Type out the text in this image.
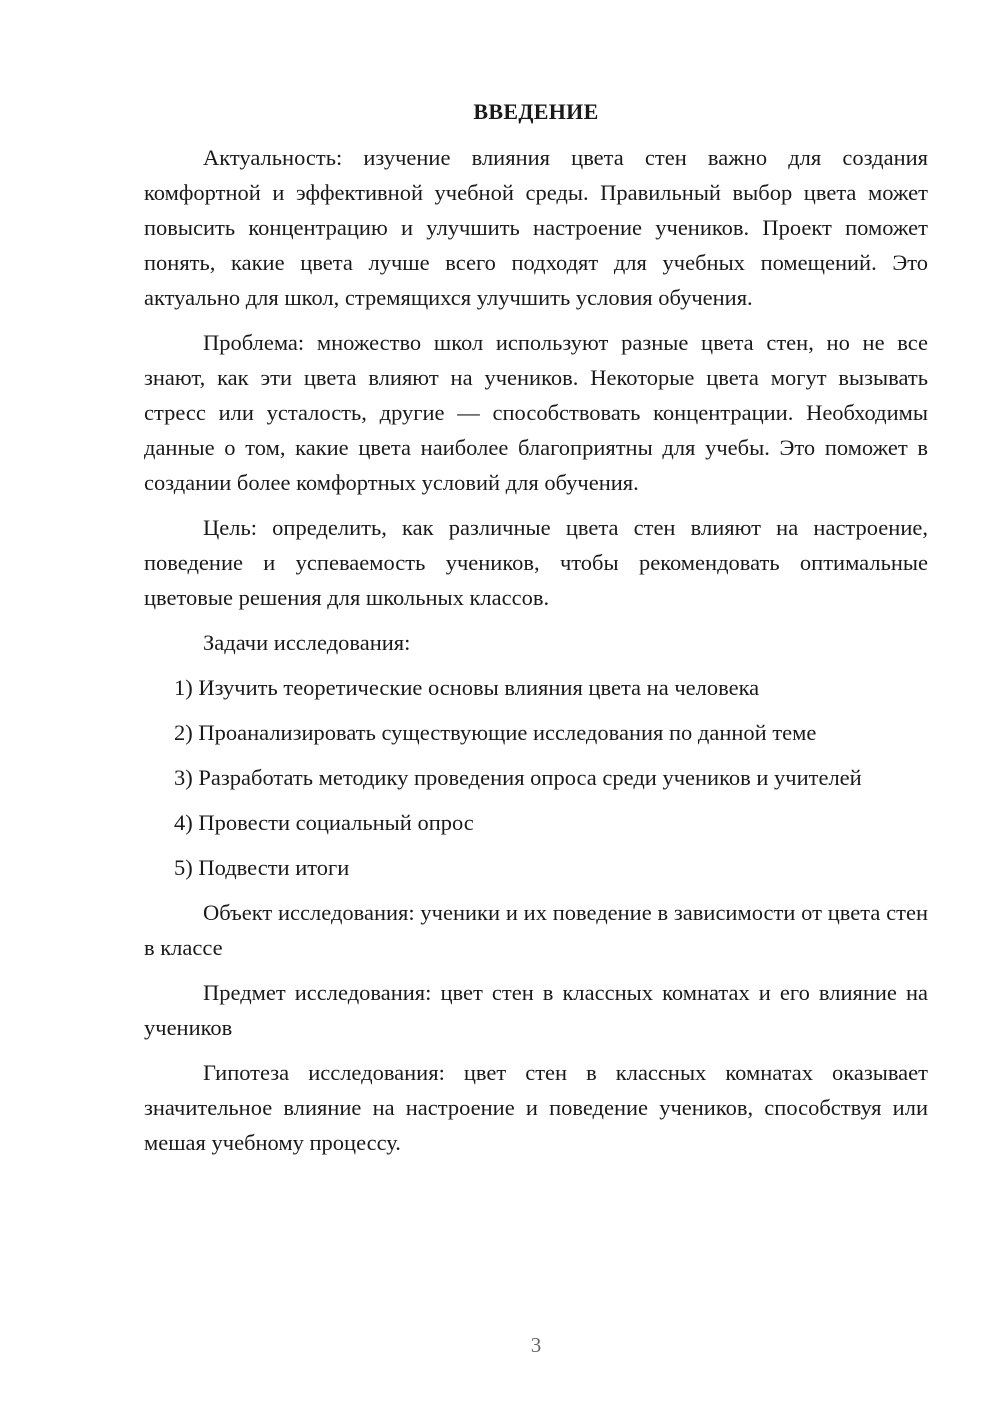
ВВЕДЕНИЕ

Актуальность: изучение влияния цвета стен важно для создания комфортной и эффективной учебной среды. Правильный выбор цвета может повысить концентрацию и улучшить настроение учеников. Проект поможет понять, какие цвета лучше всего подходят для учебных помещений. Это актуально для школ, стремящихся улучшить условия обучения.

Проблема: множество школ используют разные цвета стен, но не все знают, как эти цвета влияют на учеников. Некоторые цвета могут вызывать стресс или усталость, другие — способствовать концентрации. Необходимы данные о том, какие цвета наиболее благоприятны для учебы. Это поможет в создании более комфортных условий для обучения.

Цель: определить, как различные цвета стен влияют на настроение, поведение и успеваемость учеников, чтобы рекомендовать оптимальные цветовые решения для школьных классов.

Задачи исследования:

1) Изучить теоретические основы влияния цвета на человека

2) Проанализировать существующие исследования по данной теме

3) Разработать методику проведения опроса среди учеников и учителей

4) Провести социальный опрос

5) Подвести итоги

Объект исследования: ученики и их поведение в зависимости от цвета стен в классе

Предмет исследования: цвет стен в классных комнатах и его влияние на учеников

Гипотеза исследования: цвет стен в классных комнатах оказывает значительное влияние на настроение и поведение учеников, способствуя или мешая учебному процессу.

3
